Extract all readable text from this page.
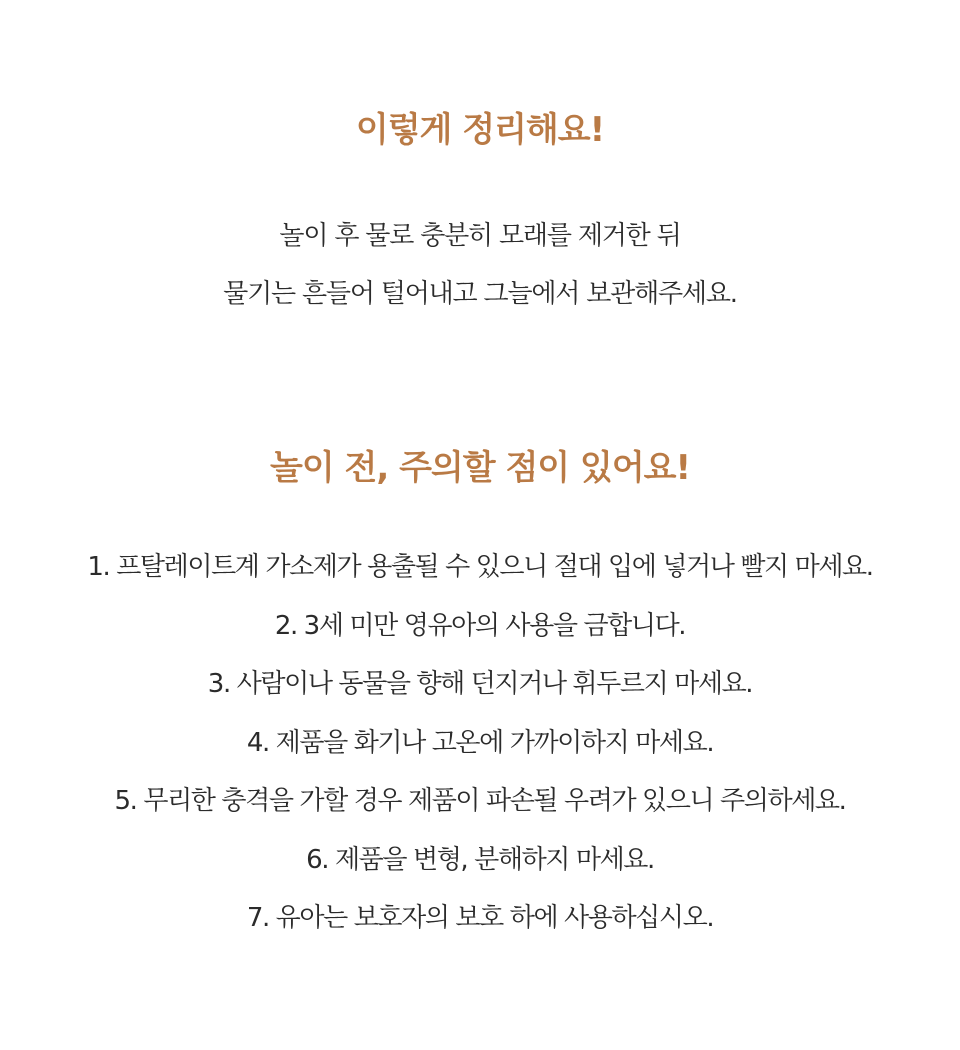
이렇게 정리해요!

놀이 후 물로 충분히 모래를 제거한 뒤

물기는 흔들어 털어내고 그늘에서 보관해주세요.

놀이 전, 주의할 점이 있어요!
1. 프탈레이트계 가소제가 용출될 수 있으니 절대 입에 넣거나 빨지 마세요.
2. 3세 미만 영유아의 사용을 금합니다.
3. 사람이나 동물을 향해 던지거나 휘두르지 마세요.
4. 제품을 화기나 고온에 가까이하지 마세요.
5. 무리한 충격을 가할 경우 제품이 파손될 우려가 있으니 주의하세요.
6. 제품을 변형, 분해하지 마세요.
7. 유아는 보호자의 보호 하에 사용하십시오.
